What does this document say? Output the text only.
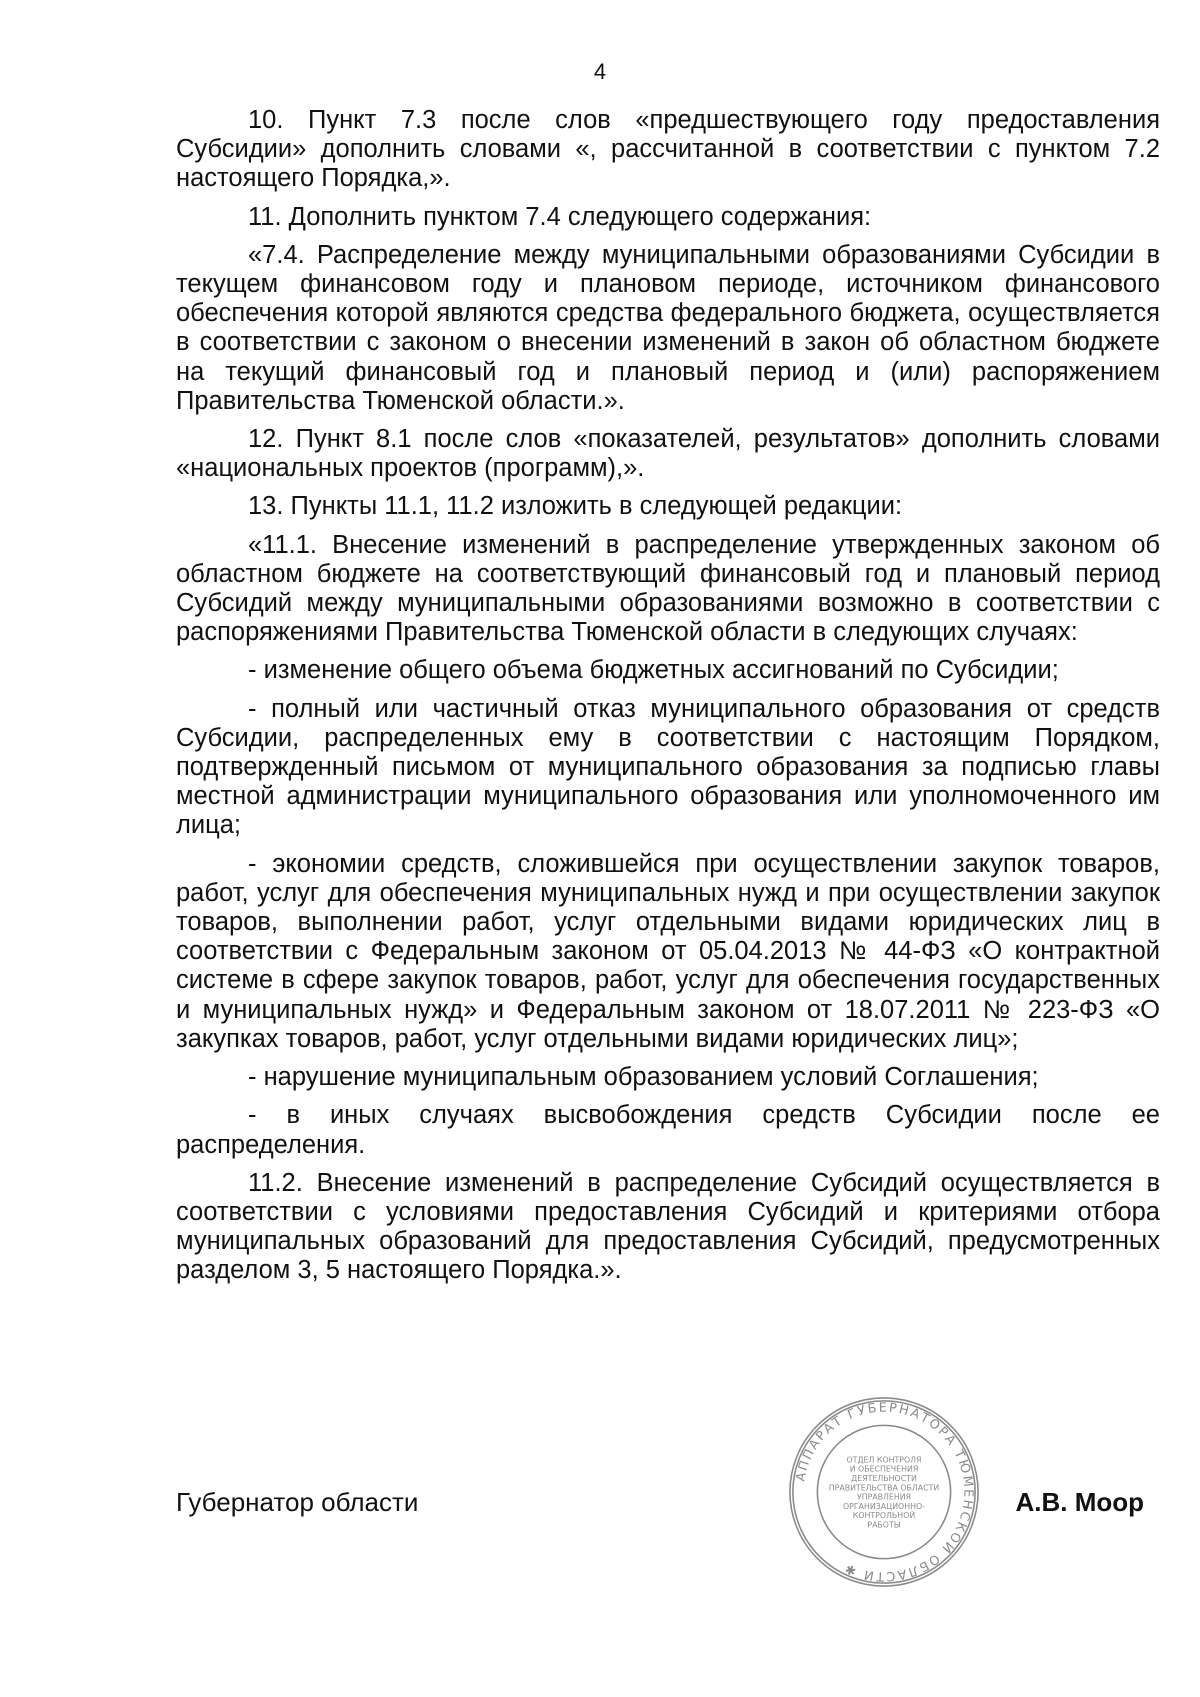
4

10. Пункт 7.3 после слов «предшествующего году предоставления Субсидии» дополнить словами «, рассчитанной в соответствии с пунктом 7.2 настоящего Порядка,».

11. Дополнить пунктом 7.4 следующего содержания:

«7.4. Распределение между муниципальными образованиями Субсидии в текущем финансовом году и плановом периоде, источником финансового обеспечения которой являются средства федерального бюджета, осуществляется в соответствии с законом о внесении изменений в закон об областном бюджете на текущий финансовый год и плановый период и (или) распоряжением Правительства Тюменской области.».

12. Пункт 8.1 после слов «показателей, результатов» дополнить словами «национальных проектов (программ),».

13. Пункты 11.1, 11.2 изложить в следующей редакции:

«11.1. Внесение изменений в распределение утвержденных законом об областном бюджете на соответствующий финансовый год и плановый период Субсидий между муниципальными образованиями возможно в соответствии с распоряжениями Правительства Тюменской области в следующих случаях:

- изменение общего объема бюджетных ассигнований по Субсидии;

- полный или частичный отказ муниципального образования от средств Субсидии, распределенных ему в соответствии с настоящим Порядком, подтвержденный письмом от муниципального образования за подписью главы местной администрации муниципального образования или уполномоченного им лица;

- экономии средств, сложившейся при осуществлении закупок товаров, работ, услуг для обеспечения муниципальных нужд и при осуществлении закупок товаров, выполнении работ, услуг отдельными видами юридических лиц в соответствии с Федеральным законом от 05.04.2013 № 44-ФЗ «О контрактной системе в сфере закупок товаров, работ, услуг для обеспечения государственных и муниципальных нужд» и Федеральным законом от 18.07.2011 № 223-ФЗ «О закупках товаров, работ, услуг отдельными видами юридических лиц»;

- нарушение муниципальным образованием условий Соглашения;

- в иных случаях высвобождения средств Субсидии после ее распределения.

11.2. Внесение изменений в распределение Субсидий осуществляется в соответствии с условиями предоставления Субсидий и критериями отбора муниципальных образований для предоставления Субсидий, предусмотренных разделом 3, 5 настоящего Порядка.».

Губернатор области
АППАРАТ ГУБЕРНАТОРА ТЮМЕНСКОЙ ОБЛАСТИ ✱
ОТДЕЛ КОНТРОЛЯ
И ОБЕСПЕЧЕНИЯ
ДЕЯТЕЛЬНОСТИ
ПРАВИТЕЛЬСТВА ОБЛАСТИ
УПРАВЛЕНИЯ
ОРГАНИЗАЦИОННО-
КОНТРОЛЬНОЙ
РАБОТЫ
А.В. Моор
